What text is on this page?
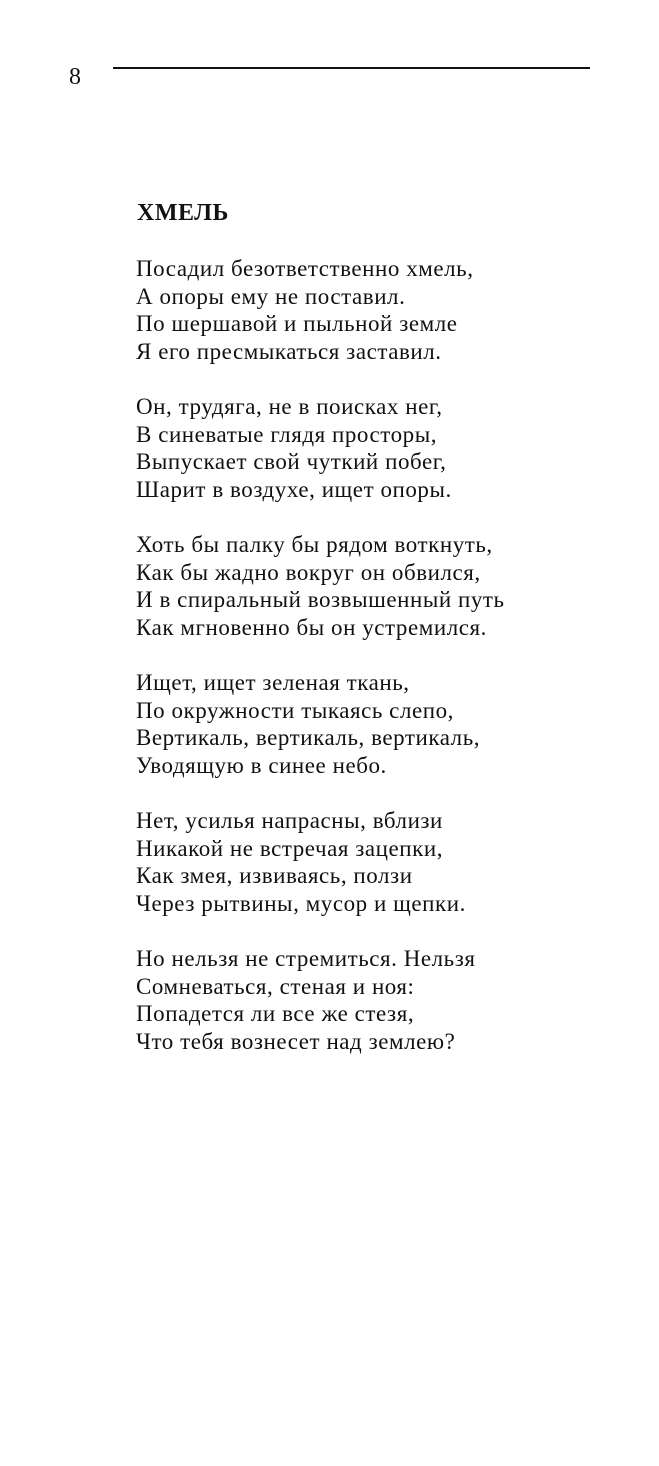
8
ХМЕЛЬ
Посадил безответственно хмель,
А опоры ему не поставил.
По шершавой и пыльной земле
Я его пресмыкаться заставил.
Он, трудяга, не в поисках нег,
В синеватые глядя просторы,
Выпускает свой чуткий побег,
Шарит в воздухе, ищет опоры.
Хоть бы палку бы рядом воткнуть,
Как бы жадно вокруг он обвился,
И в спиральный возвышенный путь
Как мгновенно бы он устремился.
Ищет, ищет зеленая ткань,
По окружности тыкаясь слепо,
Вертикаль, вертикаль, вертикаль,
Уводящую в синее небо.
Нет, усилья напрасны, вблизи
Никакой не встречая зацепки,
Как змея, извиваясь, ползи
Через рытвины, мусор и щепки.
Но нельзя не стремиться. Нельзя
Сомневаться, стеная и ноя:
Попадется ли все же стезя,
Что тебя вознесет над землею?
